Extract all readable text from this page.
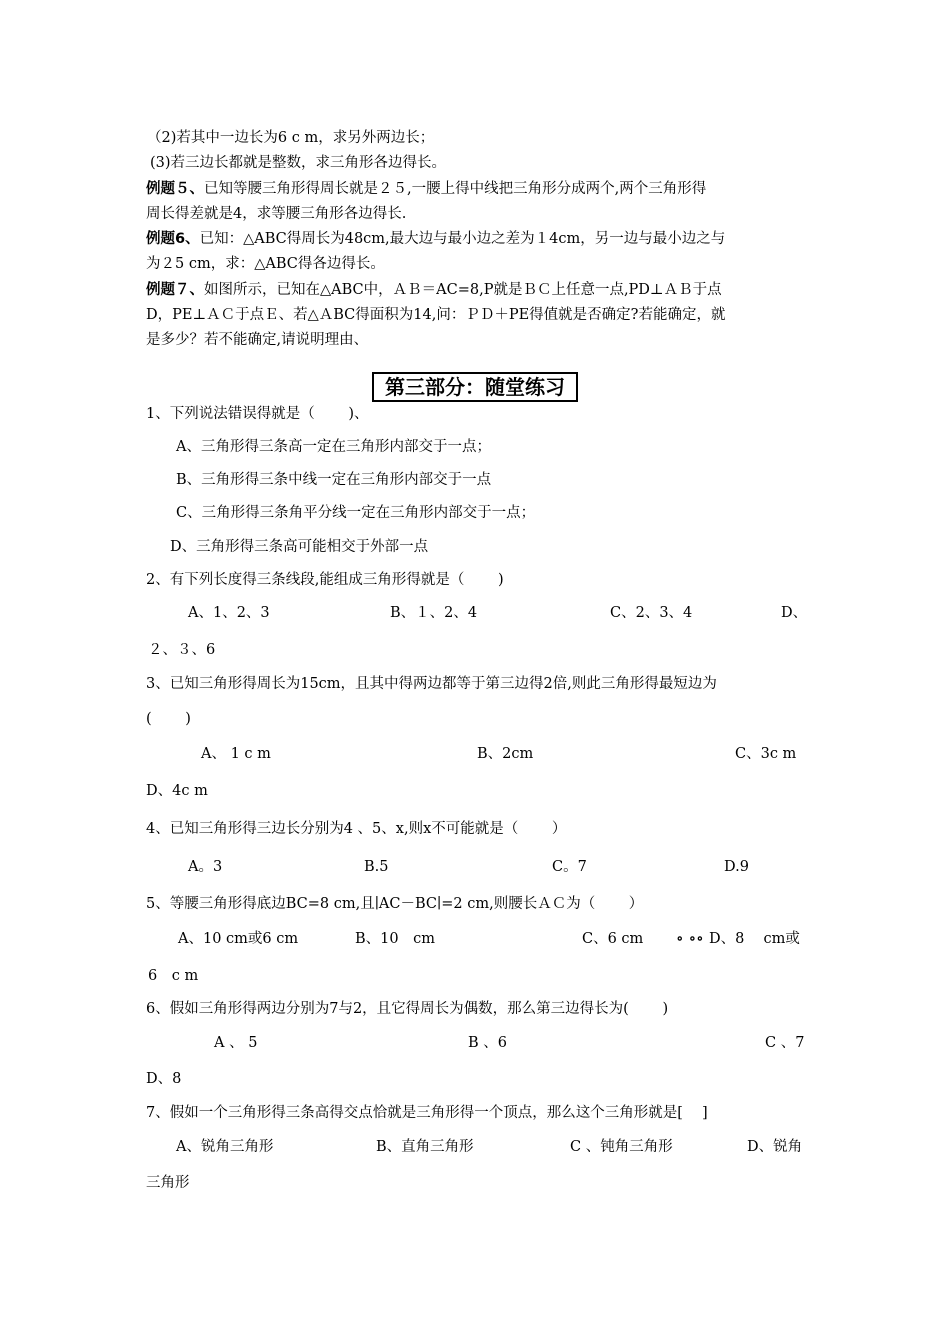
（2)若其中一边长为6 c m，求另外两边长；
(3)若三边长都就是整数，求三角形各边得长。
例题５、已知等腰三角形得周长就是２５,一腰上得中线把三角形分成两个,两个三角形得
周长得差就是4，求等腰三角形各边得长.
例题6、已知：△ABC得周长为48cm,最大边与最小边之差为１4cm，另一边与最小边之与
为２5 cm，求：△ABC得各边得长。
例题７、如图所示，已知在△ABC中，ＡＢ＝AC=8,P就是ＢＣ上任意一点,PD⊥ＡＢ于点
D，PE⊥ＡＣ于点Ｅ、若△ＡBC得面积为14,问：ＰＤ＋PE得值就是否确定?若能确定，就
是多少？若不能确定,请说明理由、
第三部分：随堂练习
1、下列说法错误得就是（　　 )、
A、三角形得三条高一定在三角形内部交于一点；
B、三角形得三条中线一定在三角形内部交于一点
C、三角形得三条角平分线一定在三角形内部交于一点；
D、三角形得三条高可能相交于外部一点
2、有下列长度得三条线段,能组成三角形得就是（　　 )
A、1、2、3	B、１、2、4	C、2、3、4	D、
２、３、6
3、已知三角形得周长为15cm，且其中得两边都等于第三边得2倍,则此三角形得最短边为
(　　 )
A、 1 c m	B、2cm	C、3c m
D、4c m
4、已知三角形得三边长分别为4 、5、x,则x不可能就是（　　 ）
A。3	B.5	C。7	D.9
5、等腰三角形得底边BC=8 cm,且∣AC－BC∣=2 cm,则腰长ＡＣ为（　　 ）
A、10 cm或6 cm	B、10　cm	C、6 cm ∘ ∘∘ D、8　 cm或
6　c m
6、假如三角形得两边分别为7与2，且它得周长为偶数，那么第三边得长为(　　 )
A 、 5	B 、6	C 、7
D、8
7、假如一个三角形得三条高得交点恰就是三角形得一个顶点，那么这个三角形就是[　 ]
A、锐角三角形	B、直角三角形	C 、钝角三角形	D、锐角
三角形
